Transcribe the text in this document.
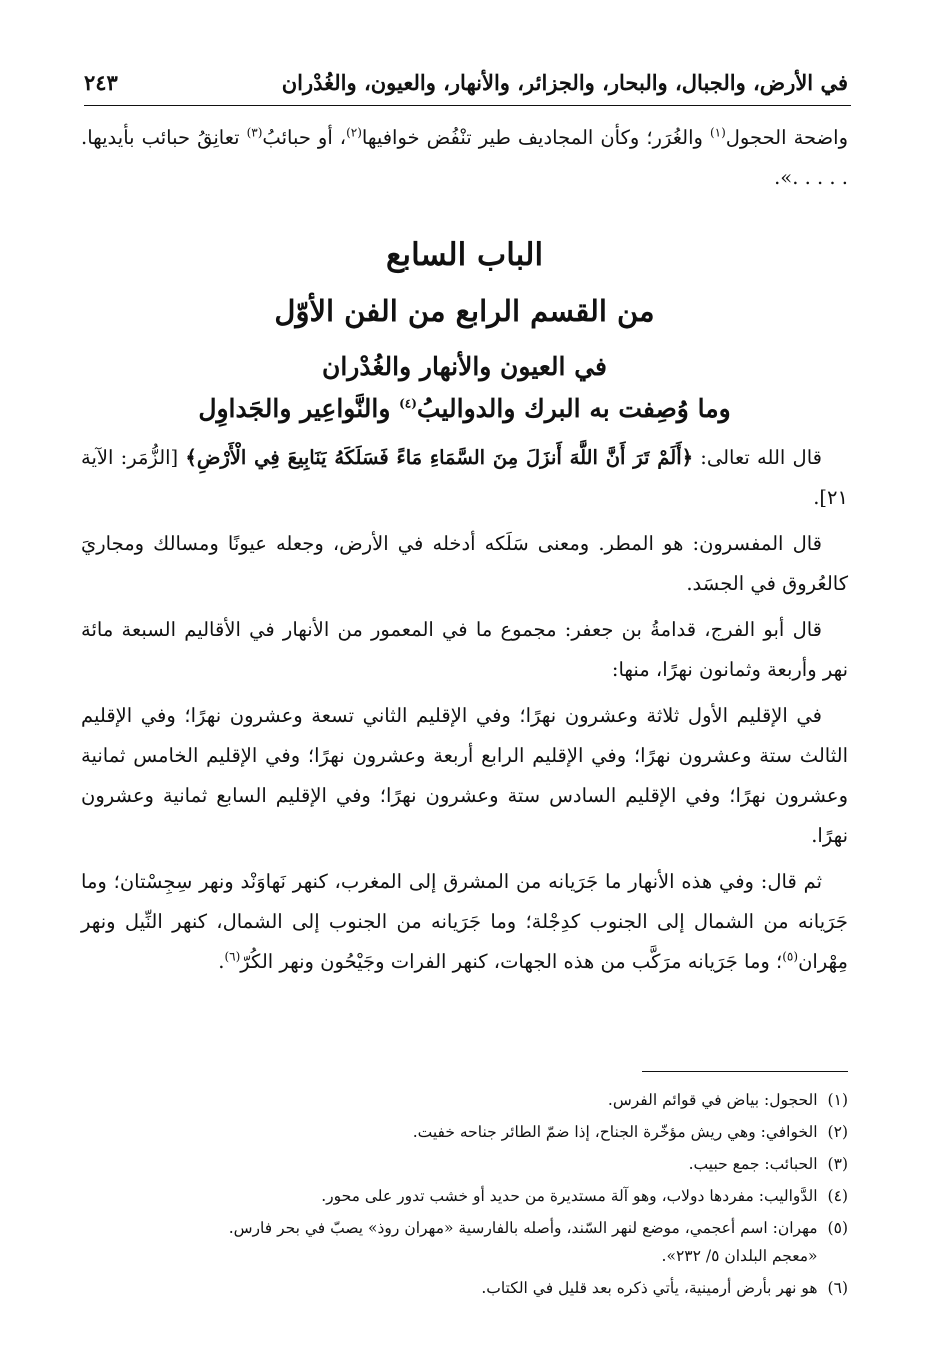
في الأرض، والجبال، والبحار، والجزائر، والأنهار، والعيون، والغُدْران
٢٤٣

واضحة الحجول$^{(١)}$ والغُرَر؛ وكأن المجاديف طير تنْفُض خوافيها$^{(٢)}$، أو حبائبُ$^{(٣)}$ تعانِقُ حبائب بأيديها. . . . . .».

الباب السابع
من القسم الرابع من الفن الأوّل
في العيون والأنهار والغُدْران
وما وُصِفت به البرك والدواليبُ$^{(٤)}$ والنَّواعِير والجَداوِل

قال الله تعالى: ﴿أَلَمْ تَرَ أَنَّ اللَّهَ أَنزَلَ مِنَ السَّمَاءِ مَاءً فَسَلَكَهُ يَنَابِيعَ فِي الْأَرْضِ﴾ [الزُّمَر: الآية ٢١].

قال المفسرون: هو المطر. ومعنى سَلَكه أدخله في الأرض، وجعله عيونًا ومسالك ومجاريَ كالعُروق في الجسَد.

قال أبو الفرج، قدامةُ بن جعفر: مجموع ما في المعمور من الأنهار في الأقاليم السبعة مائة نهر وأربعة وثمانون نهرًا، منها:

في الإقليم الأول ثلاثة وعشرون نهرًا؛ وفي الإقليم الثاني تسعة وعشرون نهرًا؛ وفي الإقليم الثالث ستة وعشرون نهرًا؛ وفي الإقليم الرابع أربعة وعشرون نهرًا؛ وفي الإقليم الخامس ثمانية وعشرون نهرًا؛ وفي الإقليم السادس ستة وعشرون نهرًا؛ وفي الإقليم السابع ثمانية وعشرون نهرًا.

ثم قال: وفي هذه الأنهار ما جَرَيانه من المشرق إلى المغرب، كنهر نَهاوَنْد ونهر سِجِسْتان؛ وما جَرَيانه من الشمال إلى الجنوب كدِجْلة؛ وما جَرَيانه من الجنوب إلى الشمال، كنهر النِّيل ونهر مِهْران$^{(٥)}$؛ وما جَرَيانه مرَكَّب من هذه الجهات، كنهر الفرات وجَيْحُون ونهر الكُرّ$^{(٦)}$.

(١)
الحجول: بياض في قوائم الفرس.
(٢)
الخوافي: وهي ريش مؤخّرة الجناح، إذا ضمّ الطائر جناحه خفيت.
(٣)
الحبائب: جمع حبيب.
(٤)
الدَّواليب: مفردها دولاب، وهو آلة مستديرة من حديد أو خشب تدور على محور.
(٥)
مهران: اسم أعجمي، موضع لنهر السّند، وأصله بالفارسية «مهران روذ» يصبّ في بحر فارس.
«معجم البلدان ٥/ ٢٣٢».
(٦)
هو نهر بأرض أرمينية، يأتي ذكره بعد قليل في الكتاب.
